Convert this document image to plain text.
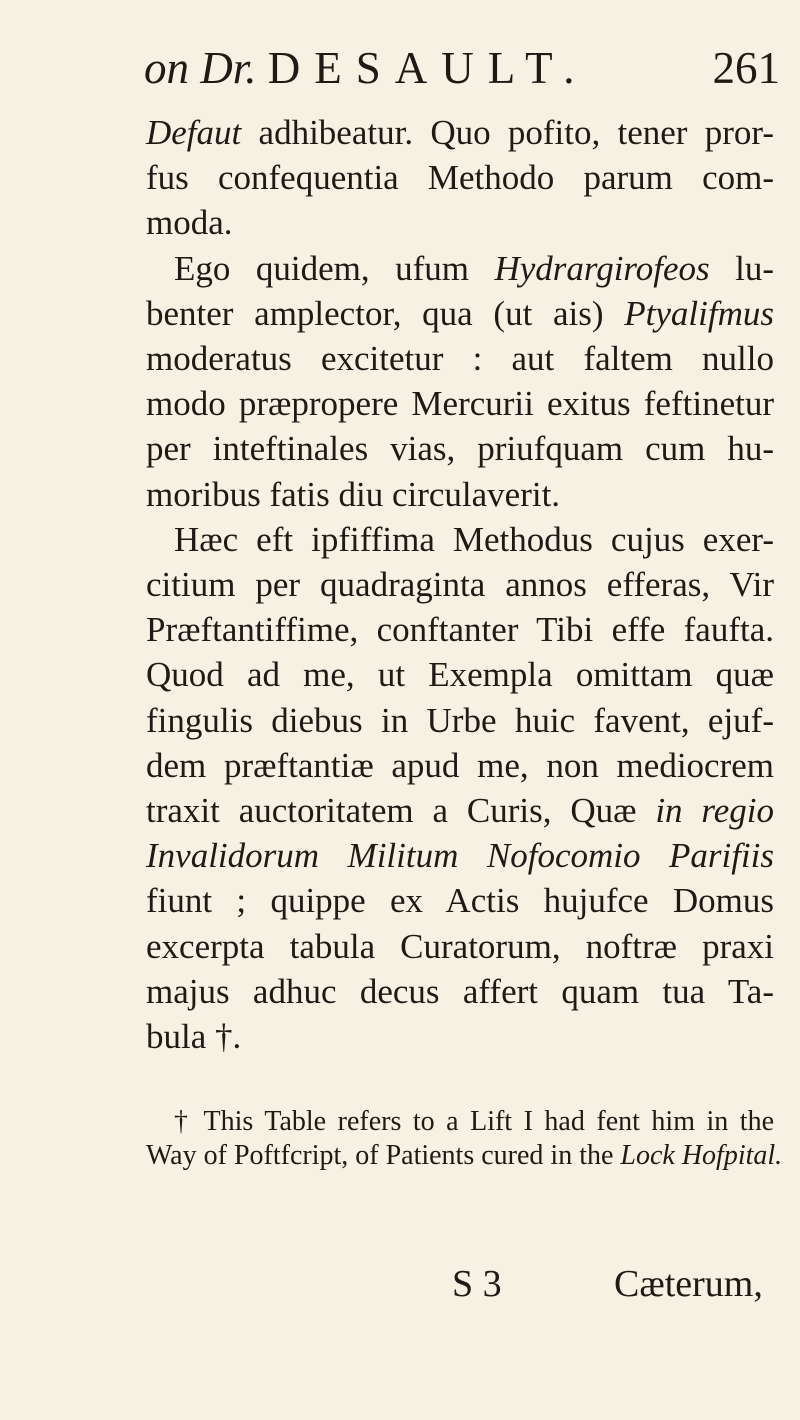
on Dr. DESAULT.	261
Defaut adhibeatur. Quo pofito, tener pror-
fus confequentia Methodo parum com-
moda.
Ego quidem, ufum Hydrargirofeos lu-
benter amplector, qua (ut ais) Ptyalifmus
moderatus excitetur : aut faltem nullo
modo præpropere Mercurii exitus feftinetur
per inteftinales vias, priufquam cum hu-
moribus fatis diu circulaverit.
Hæc eft ipfiffima Methodus cujus exer-
citium per quadraginta annos efferas, Vir
Præftantiffime, conftanter Tibi effe faufta.
Quod ad me, ut Exempla omittam quæ
fingulis diebus in Urbe huic favent, ejuf-
dem præftantiæ apud me, non mediocrem
traxit auctoritatem a Curis, Quæ in regio
Invalidorum Militum Nofocomio Parifiis
fiunt ; quippe ex Actis hujufce Domus
excerpta tabula Curatorum, noftræ praxi
majus adhuc decus affert quam tua Ta-
bula †.
† This Table refers to a Lift I had fent him in the
Way of Poftfcript, of Patients cured in the Lock Hofpital.
S 3	Cæterum,
